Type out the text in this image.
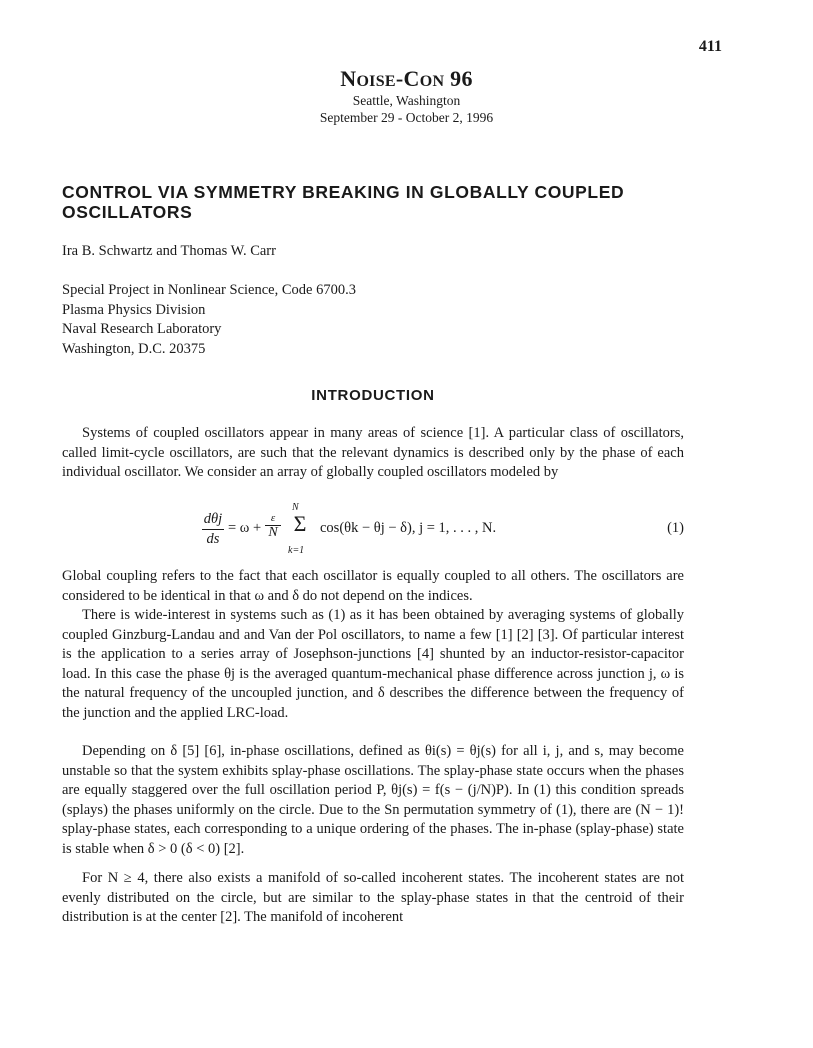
411
NOISE-CON 96
Seattle, Washington
September 29 - October 2, 1996
CONTROL VIA SYMMETRY BREAKING IN GLOBALLY COUPLED OSCILLATORS
Ira B. Schwartz and Thomas W. Carr
Special Project in Nonlinear Science, Code 6700.3
Plasma Physics Division
Naval Research Laboratory
Washington, D.C. 20375
INTRODUCTION

Systems of coupled oscillators appear in many areas of science [1]. A particular class of oscillators, called limit-cycle oscillators, are such that the relevant dynamics is described only by the phase of each individual oscillator. We consider an array of globally coupled oscillators modeled by

dθj
ds
= ω +
ε
N
N
Σ
k=1
cos(θk − θj − δ), j = 1, . . . , N.	(1)

Global coupling refers to the fact that each oscillator is equally coupled to all others. The oscillators are considered to be identical in that ω and δ do not depend on the indices.

There is wide-interest in systems such as (1) as it has been obtained by averaging systems of globally coupled Ginzburg-Landau and and Van der Pol oscillators, to name a few [1] [2] [3]. Of particular interest is the application to a series array of Josephson-junctions [4] shunted by an inductor-resistor-capacitor load. In this case the phase θj is the averaged quantum-mechanical phase difference across junction j, ω is the natural frequency of the uncoupled junction, and δ describes the difference between the frequency of the junction and the applied LRC-load.

Depending on δ [5] [6], in-phase oscillations, defined as θi(s) = θj(s) for all i, j, and s, may become unstable so that the system exhibits splay-phase oscillations. The splay-phase state occurs when the phases are equally staggered over the full oscillation period P, θj(s) = f(s − (j/N)P). In (1) this condition spreads (splays) the phases uniformly on the circle. Due to the Sn permutation symmetry of (1), there are (N − 1)! splay-phase states, each corresponding to a unique ordering of the phases. The in-phase (splay-phase) state is stable when δ > 0 (δ < 0) [2].

For N ≥ 4, there also exists a manifold of so-called incoherent states. The incoherent states are not evenly distributed on the circle, but are similar to the splay-phase states in that the centroid of their distribution is at the center [2]. The manifold of incoherent
